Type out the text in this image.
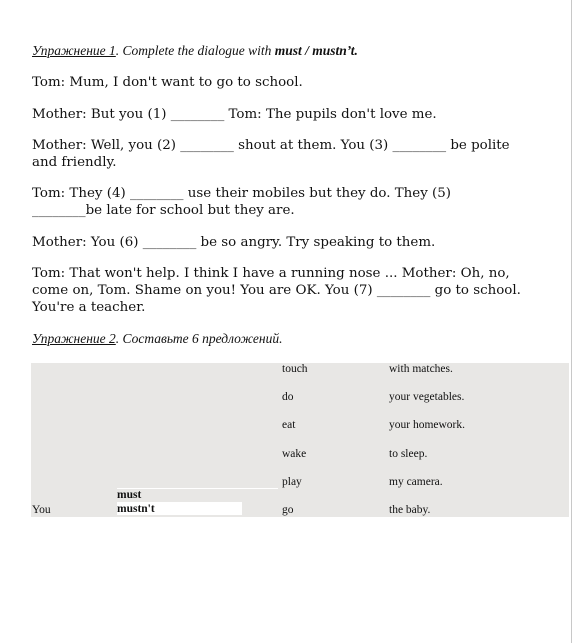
Упражнение 1. Complete the dialogue with must / mustn’t.
Tom: Mum, I don't want to go to school.
Mother: But you (1) ________ Tom: The pupils don't love me.
Mother: Well, you (2) ________ shout at them. You (3) ________ be polite
and friendly.
Tom: They (4) ________ use their mobiles but they do. They (5)
________be late for school but they are.
Mother: You (6) ________ be so angry. Try speaking to them.
Tom: That won't help. I think I have a running nose ... Mother: Oh, no,
come on, Tom. Shame on you! You are OK. You (7) ________ go to school.
You're a teacher.
Упражнение 2. Составьте 6 предложений.
You
must
mustn't
touch
do
eat
wake
play
go
with matches.
your vegetables.
your homework.
to sleep.
my camera.
the baby.
